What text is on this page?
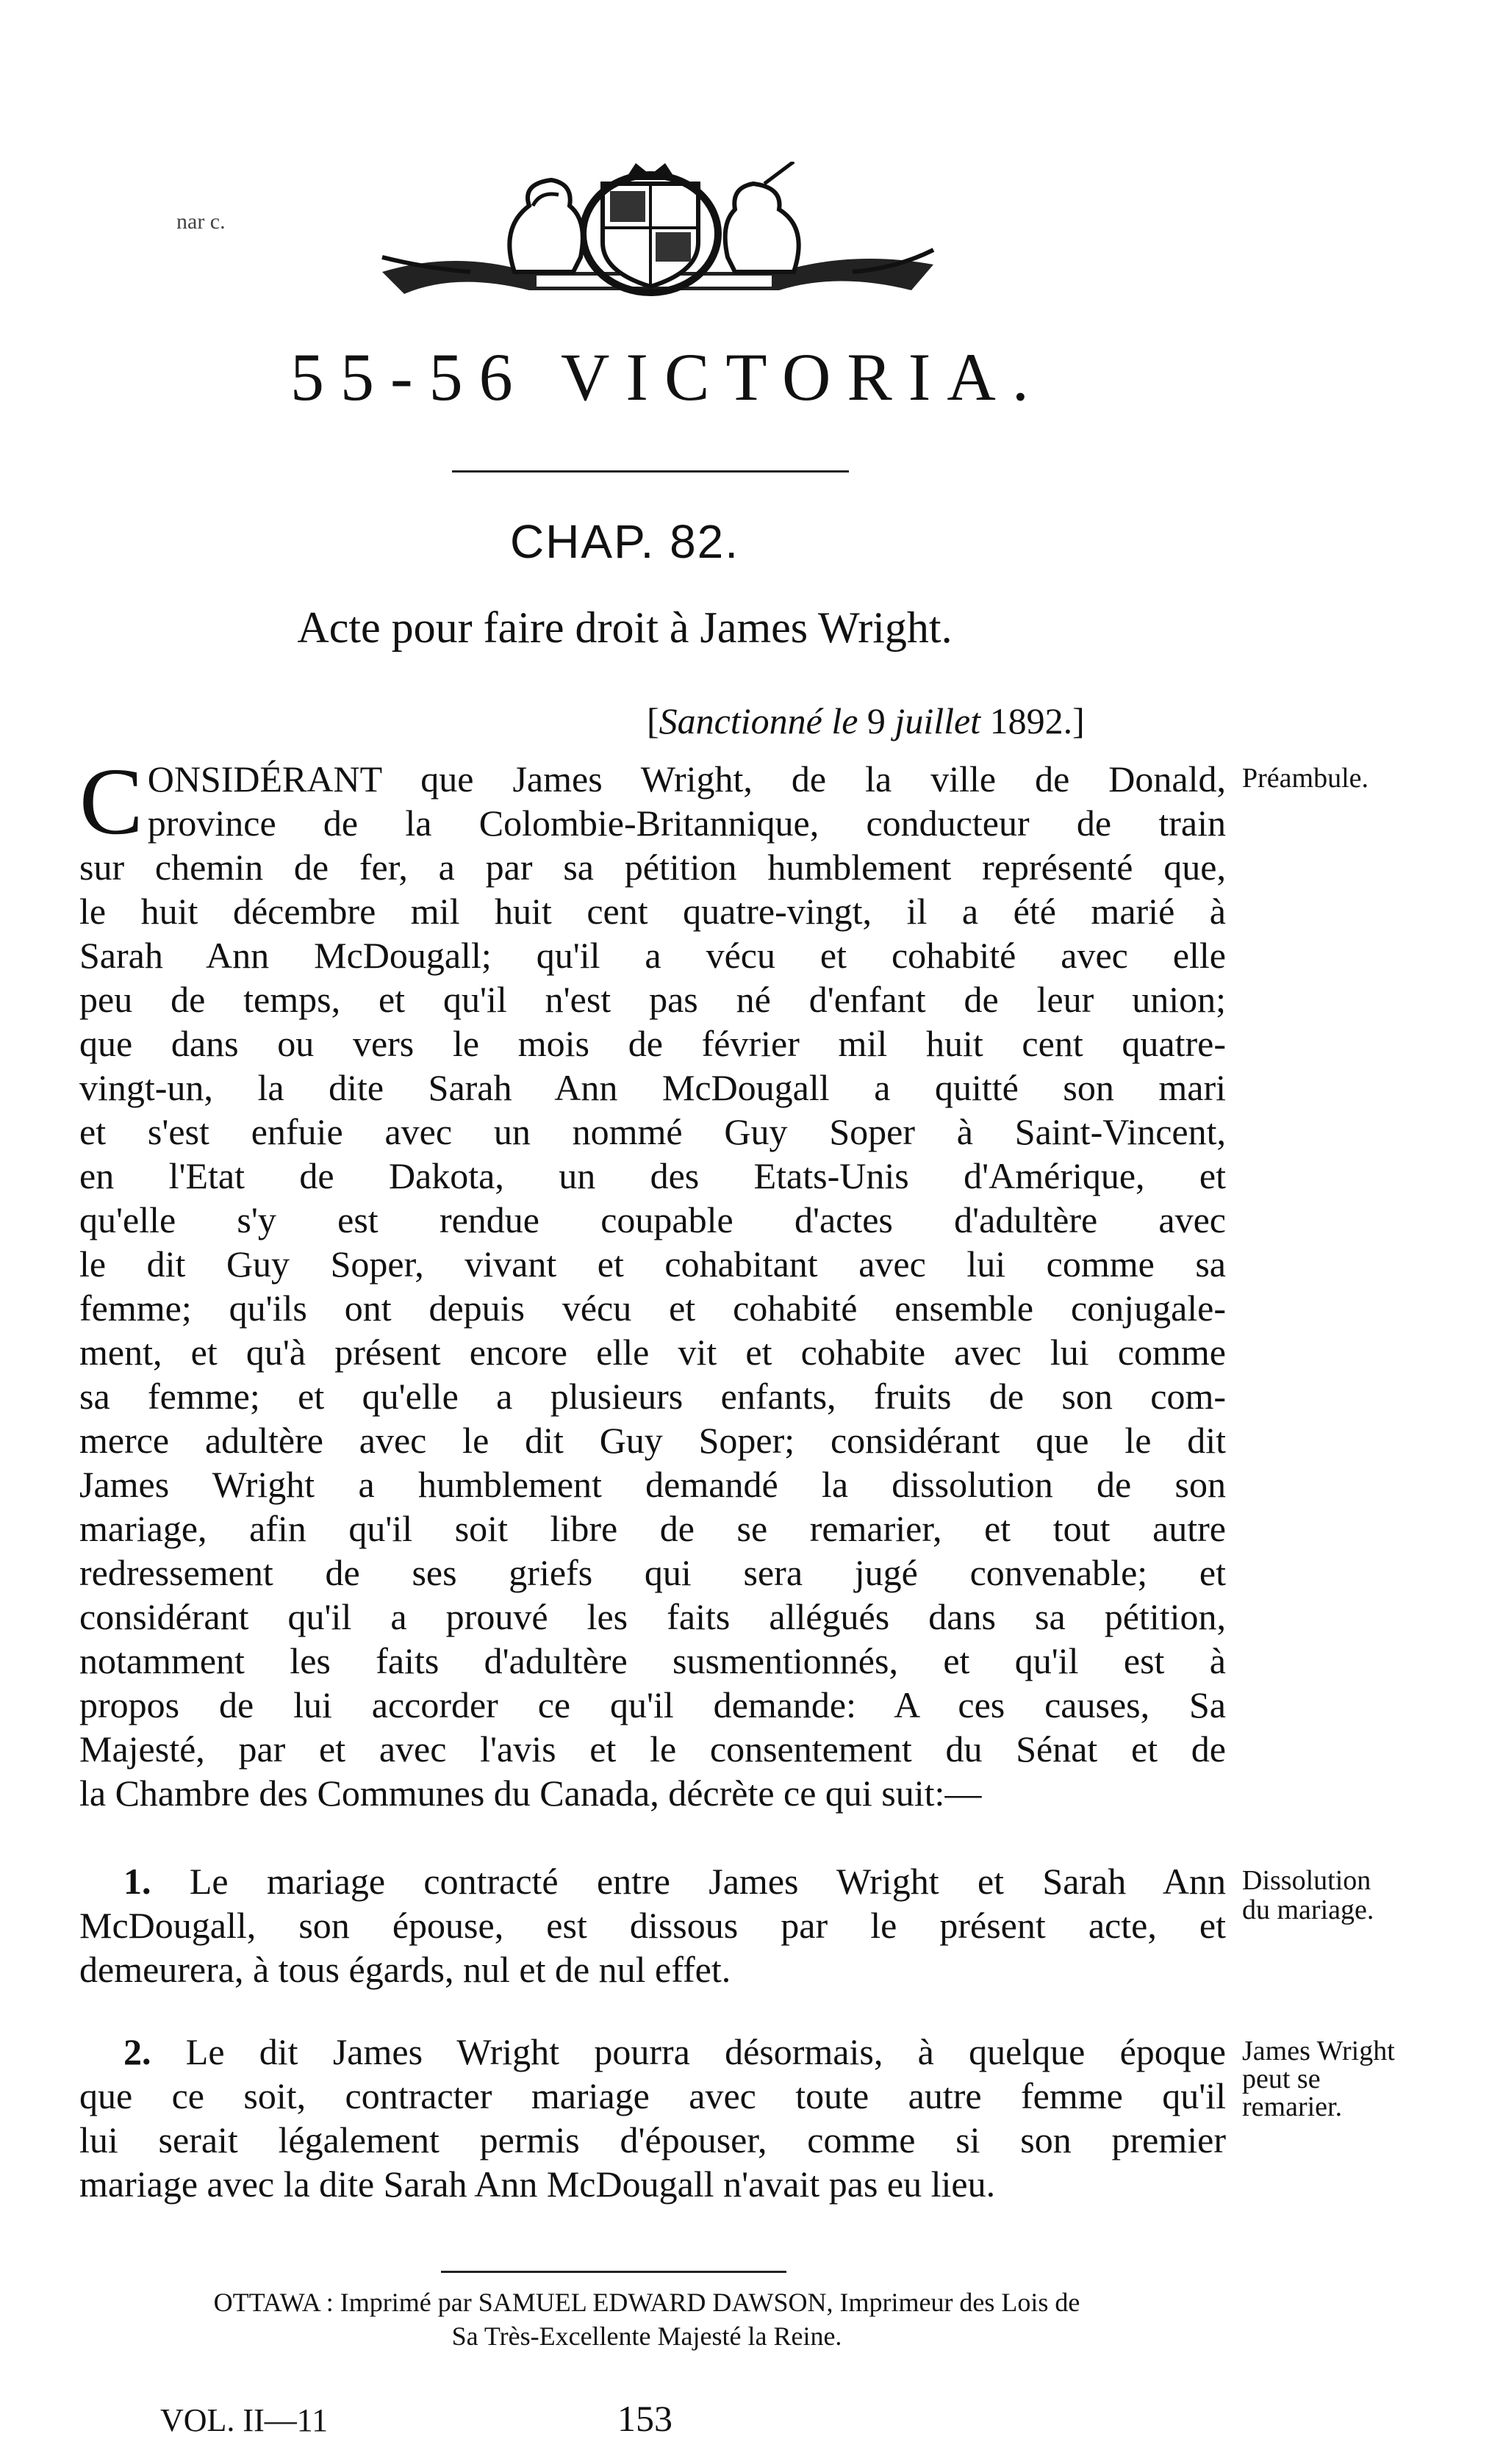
nar c.
55-56 VICTORIA.
CHAP. 82.
Acte pour faire droit à James Wright.
[Sanctionné le 9 juillet 1892.]
C ONSIDÉRANT que James Wright, de la ville de Donald,
province de la Colombie-Britannique, conducteur de train
sur chemin de fer, a par sa pétition humblement représenté que,
le huit décembre mil huit cent quatre-vingt, il a été marié à
Sarah Ann McDougall; qu'il a vécu et cohabité avec elle
peu de temps, et qu'il n'est pas né d'enfant de leur union;
que dans ou vers le mois de février mil huit cent quatre-
vingt-un, la dite Sarah Ann McDougall a quitté son mari
et s'est enfuie avec un nommé Guy Soper à Saint-Vincent,
en l'Etat de Dakota, un des Etats-Unis d'Amérique, et
qu'elle s'y est rendue coupable d'actes d'adultère avec
le dit Guy Soper, vivant et cohabitant avec lui comme sa
femme; qu'ils ont depuis vécu et cohabité ensemble conjugale-
ment, et qu'à présent encore elle vit et cohabite avec lui comme
sa femme; et qu'elle a plusieurs enfants, fruits de son com-
merce adultère avec le dit Guy Soper; considérant que le dit
James Wright a humblement demandé la dissolution de son
mariage, afin qu'il soit libre de se remarier, et tout autre
redressement de ses griefs qui sera jugé convenable; et
considérant qu'il a prouvé les faits allégués dans sa pétition,
notamment les faits d'adultère susmentionnés, et qu'il est à
propos de lui accorder ce qu'il demande: A ces causes, Sa
Majesté, par et avec l'avis et le consentement du Sénat et de
la Chambre des Communes du Canada, décrète ce qui suit:—
Préambule.
1. Le mariage contracté entre James Wright et Sarah Ann
McDougall, son épouse, est dissous par le présent acte, et
demeurera, à tous égards, nul et de nul effet.
Dissolution
du mariage.
2. Le dit James Wright pourra désormais, à quelque époque
que ce soit, contracter mariage avec toute autre femme qu'il
lui serait légalement permis d'épouser, comme si son premier
mariage avec la dite Sarah Ann McDougall n'avait pas eu lieu.
James Wright
peut se
remarier.
OTTAWA : Imprimé par SAMUEL EDWARD DAWSON, Imprimeur des Lois de
Sa Très-Excellente Majesté la Reine.
VOL. II—11	153
